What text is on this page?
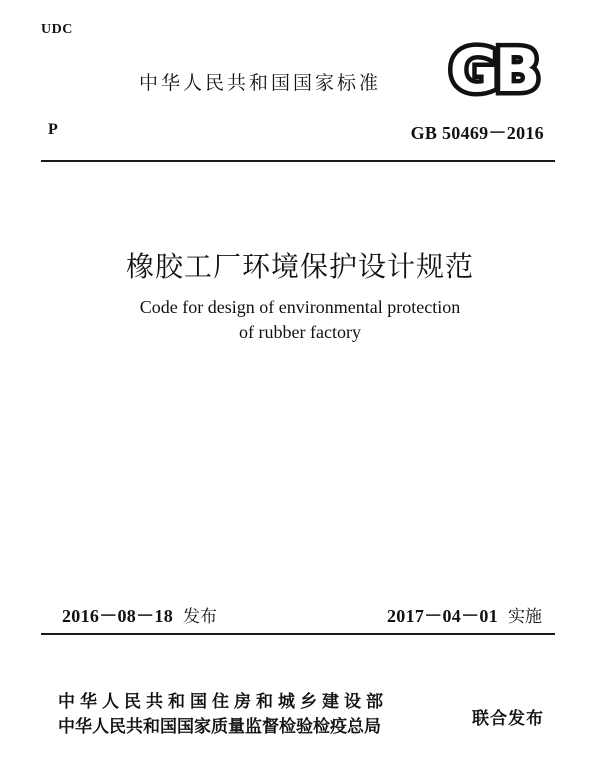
UDC
中华人民共和国国家标准	GB
P	GB 50469－2016
橡胶工厂环境保护设计规范
Code for design of environmental protection
of rubber factory
2016－08－18 发布	2017－04－01 实施
中华人民共和国住房和城乡建设部
中华人民共和国国家质量监督检验检疫总局	联合发布
